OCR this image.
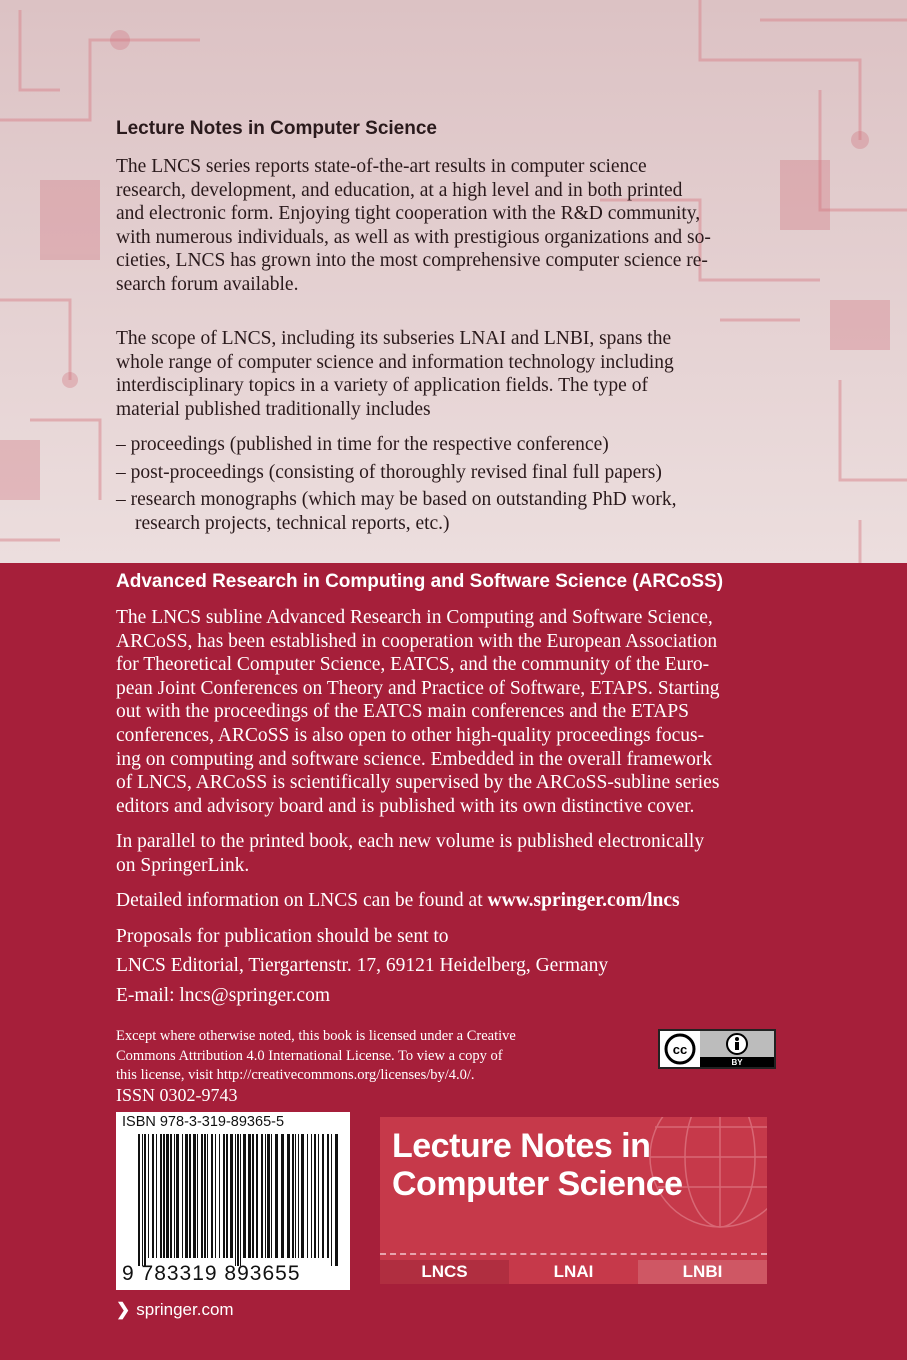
Lecture Notes in Computer Science
The LNCS series reports state-of-the-art results in computer science
research, development, and education, at a high level and in both printed
and electronic form. Enjoying tight cooperation with the R&D community,
with numerous individuals, as well as with prestigious organizations and so-
cieties, LNCS has grown into the most comprehensive computer science re-
search forum available.
The scope of LNCS, including its subseries LNAI and LNBI, spans the
whole range of computer science and information technology including
interdisciplinary topics in a variety of application fields. The type of
material published traditionally includes
– proceedings (published in time for the respective conference)
– post-proceedings (consisting of thoroughly revised final full papers)
– research monographs (which may be based on outstanding PhD work,
research projects, technical reports, etc.)
Advanced Research in Computing and Software Science (ARCoSS)
The LNCS subline Advanced Research in Computing and Software Science,
ARCoSS, has been established in cooperation with the European Association
for Theoretical Computer Science, EATCS, and the community of the Euro-
pean Joint Conferences on Theory and Practice of Software, ETAPS. Starting
out with the proceedings of the EATCS main conferences and the ETAPS
conferences, ARCoSS is also open to other high-quality proceedings focus-
ing on computing and software science. Embedded in the overall framework
of LNCS, ARCoSS is scientifically supervised by the ARCoSS-subline series
editors and advisory board and is published with its own distinctive cover.
In parallel to the printed book, each new volume is published electronically
on SpringerLink.
Detailed information on LNCS can be found at www.springer.com/lncs
Proposals for publication should be sent to
LNCS Editorial, Tiergartenstr. 17, 69121 Heidelberg, Germany
E-mail: lncs@springer.com
Except where otherwise noted, this book is licensed under a Creative
Commons Attribution 4.0 International License. To view a copy of
this license, visit http://creativecommons.org/licenses/by/4.0/.
cc
BY
ISSN 0302-9743
ISBN 978-3-319-89365-5
9 783319 893655
❯ springer.com
Lecture Notes in
Computer Science
LNCS	LNAI	LNBI
